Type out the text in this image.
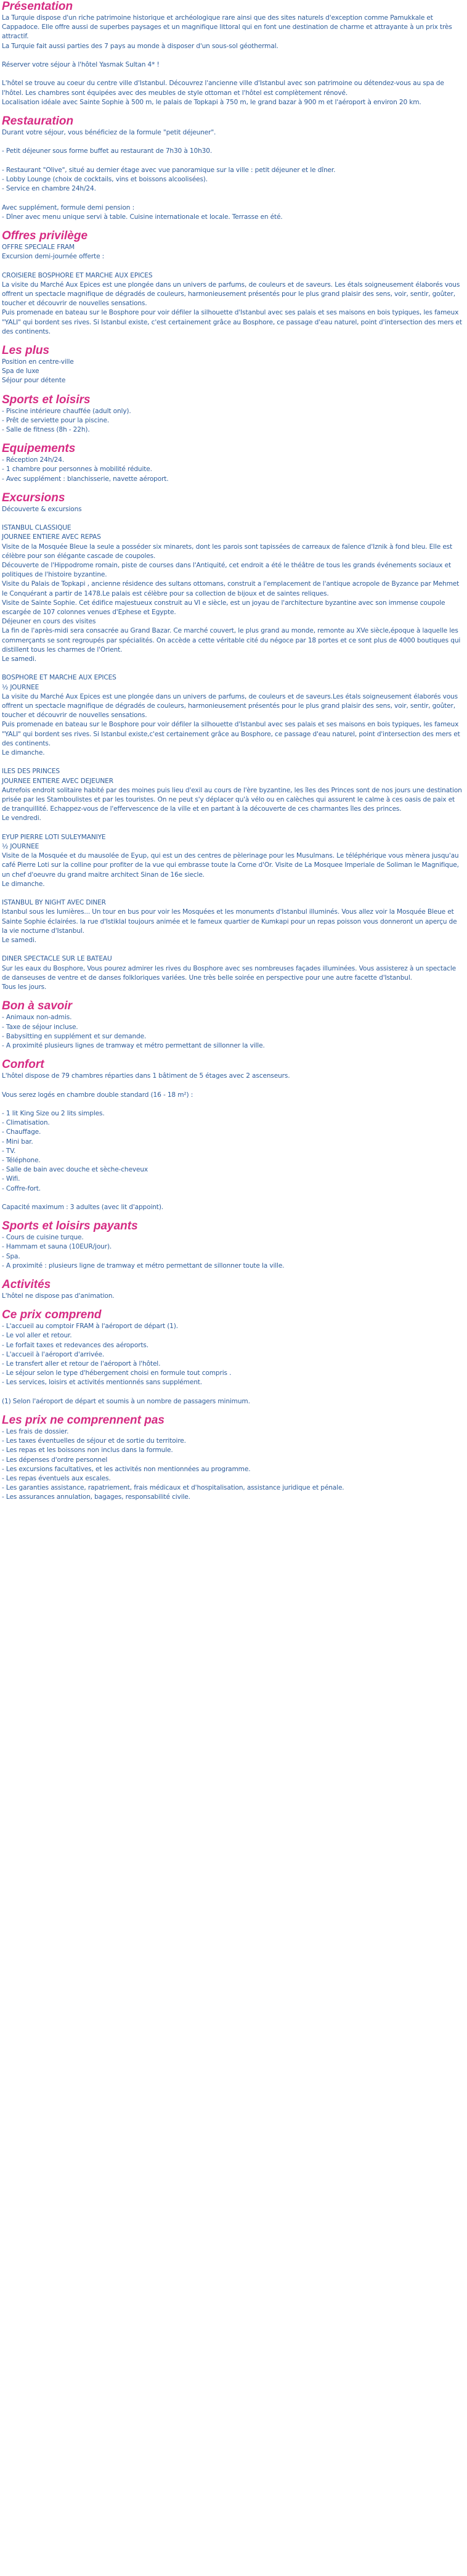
Présentation

La Turquie dispose d'un riche patrimoine historique et archéologique rare ainsi que des sites naturels d'exception comme Pamukkale et Cappadoce. Elle offre aussi de superbes paysages et un magnifique littoral qui en font une destination de charme et attrayante à un prix très attractif.

La Turquie fait aussi parties des 7 pays au monde à disposer d'un sous-sol géothermal.

Réserver votre séjour à l'hôtel Yasmak Sultan 4* !

L'hôtel se trouve au coeur du centre ville d'Istanbul. Découvrez l'ancienne ville d'Istanbul avec son patrimoine ou détendez-vous au spa de l'hôtel. Les chambres sont équipées avec des meubles de style ottoman et l'hôtel est complètement rénové.

Localisation idéale avec Sainte Sophie à 500 m, le palais de Topkapi à 750 m, le grand bazar à 900 m et l'aéroport à environ 20 km.

Restauration

Durant votre séjour, vous bénéficiez de la formule "petit déjeuner".

- Petit déjeuner sous forme buffet au restaurant de 7h30 à 10h30.

- Restaurant "Olive", situé au dernier étage avec vue panoramique sur la ville : petit déjeuner et le dîner.

- Lobby Lounge (choix de cocktails, vins et boissons alcoolisées).

- Service en chambre 24h/24.

Avec supplément, formule demi pension :

- Dîner avec menu unique servi à table. Cuisine internationale et locale. Terrasse en été.

Offres privilège

OFFRE SPECIALE FRAM

Excursion demi-journée offerte :

CROISIERE BOSPHORE ET MARCHE AUX EPICES

La visite du Marché Aux Epices est une plongée dans un univers de parfums, de couleurs et de saveurs. Les étals soigneusement élaborés vous offrent un spectacle magnifique de dégradés de couleurs, harmonieusement présentés pour le plus grand plaisir des sens, voir, sentir, goûter, toucher et découvrir de nouvelles sensations.

Puis promenade en bateau sur le Bosphore pour voir défiler la silhouette d'Istanbul avec ses palais et ses maisons en bois typiques, les fameux "YALI" qui bordent ses rives. Si Istanbul existe, c'est certainement grâce au Bosphore, ce passage d'eau naturel, point d'intersection des mers et des continents.

Les plus

Position en centre-ville

Spa de luxe

Séjour pour détente

Sports et loisirs

- Piscine intérieure chauffée (adult only).

- Prêt de serviette pour la piscine.

- Salle de fitness (8h - 22h).

Equipements

- Réception 24h/24.

- 1 chambre pour personnes à mobilité réduite.

- Avec supplément : blanchisserie, navette aéroport.

Excursions

Découverte & excursions

ISTANBUL CLASSIQUE

JOURNEE ENTIERE AVEC REPAS

Visite de la Mosquée Bleue la seule a posséder six minarets, dont les parois sont tapissées de carreaux de faïence d'Iznik à fond bleu. Elle est célèbre pour son élégante cascade de coupoles.

Découverte de l'Hippodrome romain, piste de courses dans l'Antiquité, cet endroit a été le théâtre de tous les grands événements sociaux et politiques de l'histoire byzantine.

Visite du Palais de Topkapi , ancienne résidence des sultans ottomans, construit a l'emplacement de l'antique acropole de Byzance par Mehmet le Conquérant a partir de 1478.Le palais est célèbre pour sa collection de bijoux et de saintes reliques.

Visite de Sainte Sophie. Cet édifice majestueux construit au VI e siècle, est un joyau de l'architecture byzantine avec son immense coupole escargée de 107 colonnes venues d'Ephese et Egypte.

Déjeuner en cours des visites

La fin de l'après-midi sera consacrée au Grand Bazar. Ce marché couvert, le plus grand au monde, remonte au XVe siècle,époque à laquelle les commerçants se sont regroupés par spécialités. On accède a cette véritable cité du négoce par 18 portes et ce sont plus de 4000 boutiques qui distillent tous les charmes de l'Orient.

Le samedi.

BOSPHORE ET MARCHE AUX EPICES

½ JOURNEE

La visite du Marché Aux Epices est une plongée dans un univers de parfums, de couleurs et de saveurs.Les étals soigneusement élaborés vous offrent un spectacle magnifique de dégradés de couleurs, harmonieusement présentés pour le plus grand plaisir des sens, voir, sentir, goûter, toucher et découvrir de nouvelles sensations.

Puis promenade en bateau sur le Bosphore pour voir défiler la silhouette d'Istanbul avec ses palais et ses maisons en bois typiques, les fameux "YALI" qui bordent ses rives. Si Istanbul existe,c'est certainement grâce au Bosphore, ce passage d'eau naturel, point d'intersection des mers et des continents.

Le dimanche.

ILES DES PRINCES

JOURNEE ENTIERE AVEC DEJEUNER

Autrefois endroit solitaire habité par des moines puis lieu d'exil au cours de l'ère byzantine, les îles des Princes sont de nos jours une destination prisée par les Stamboulistes et par les touristes. On ne peut s'y déplacer qu'à vélo ou en calèches qui assurent le calme à ces oasis de paix et de tranquillité. Echappez-vous de l'effervescence de la ville et en partant à la découverte de ces charmantes îles des princes.

Le vendredi.

EYUP PIERRE LOTI SULEYMANIYE

½ JOURNEE

Visite de la Mosquée et du mausolée de Eyup, qui est un des centres de pèlerinage pour les Musulmans. Le téléphérique vous mènera jusqu'au café Pierre Loti sur la colline pour profiter de la vue qui embrasse toute la Corne d'Or. Visite de La Mosquee Imperiale de Soliman le Magnifique, un chef d'oeuvre du grand maitre architect Sinan de 16e siecle.

Le dimanche.

ISTANBUL BY NIGHT AVEC DINER

Istanbul sous les lumières... Un tour en bus pour voir les Mosquées et les monuments d'Istanbul illuminés. Vous allez voir la Mosquée Bleue et Sainte Sophie éclairées. la rue d'Istiklal toujours animée et le fameux quartier de Kumkapi pour un repas poisson vous donneront un aperçu de la vie nocturne d'Istanbul.

Le samedi.

DINER SPECTACLE SUR LE BATEAU

Sur les eaux du Bosphore, Vous pourez admirer les rives du Bosphore avec ses nombreuses façades illuminées. Vous assisterez à un spectacle de danseuses de ventre et de danses folkloriques variées. Une très belle soirée en perspective pour une autre facette d'Istanbul.

Tous les jours.

Bon à savoir

- Animaux non-admis.

- Taxe de séjour incluse.

- Babysitting en supplément et sur demande.

- A proximité plusieurs lignes de tramway et métro permettant de sillonner la ville.

Confort

L'hôtel dispose de 79 chambres réparties dans 1 bâtiment de 5 étages avec 2 ascenseurs.

Vous serez logés en chambre double standard (16 - 18 m²) :

- 1 lit King Size ou 2 lits simples.

- Climatisation.

- Chauffage.

- Mini bar.

- TV.

- Téléphone.

- Salle de bain avec douche et sèche-cheveux

- Wifi.

- Coffre-fort.

Capacité maximum : 3 adultes (avec lit d'appoint).

Sports et loisirs payants

- Cours de cuisine turque.

- Hammam et sauna (10EUR/jour).

- Spa.

- A proximité : plusieurs ligne de tramway et métro permettant de sillonner toute la ville.

Activités

L'hôtel ne dispose pas d'animation.

Ce prix comprend

- L'accueil au comptoir FRAM à l'aéroport de départ (1).

- Le vol aller et retour.

- Le forfait taxes et redevances des aéroports.

- L'accueil à l'aéroport d'arrivée.

- Le transfert aller et retour de l'aéroport à l'hôtel.

- Le séjour selon le type d'hébergement choisi en formule tout compris .

- Les services, loisirs et activités mentionnés sans supplément.

(1) Selon l'aéroport de départ et soumis à un nombre de passagers minimum.

Les prix ne comprennent pas

- Les frais de dossier.

- Les taxes éventuelles de séjour et de sortie du territoire.

- Les repas et les boissons non inclus dans la formule.

- Les dépenses d'ordre personnel

- Les excursions facultatives, et les activités non mentionnées au programme.

- Les repas éventuels aux escales.

- Les garanties assistance, rapatriement, frais médicaux et d'hospitalisation, assistance juridique et pénale.

- Les assurances annulation, bagages, responsabilité civile.
